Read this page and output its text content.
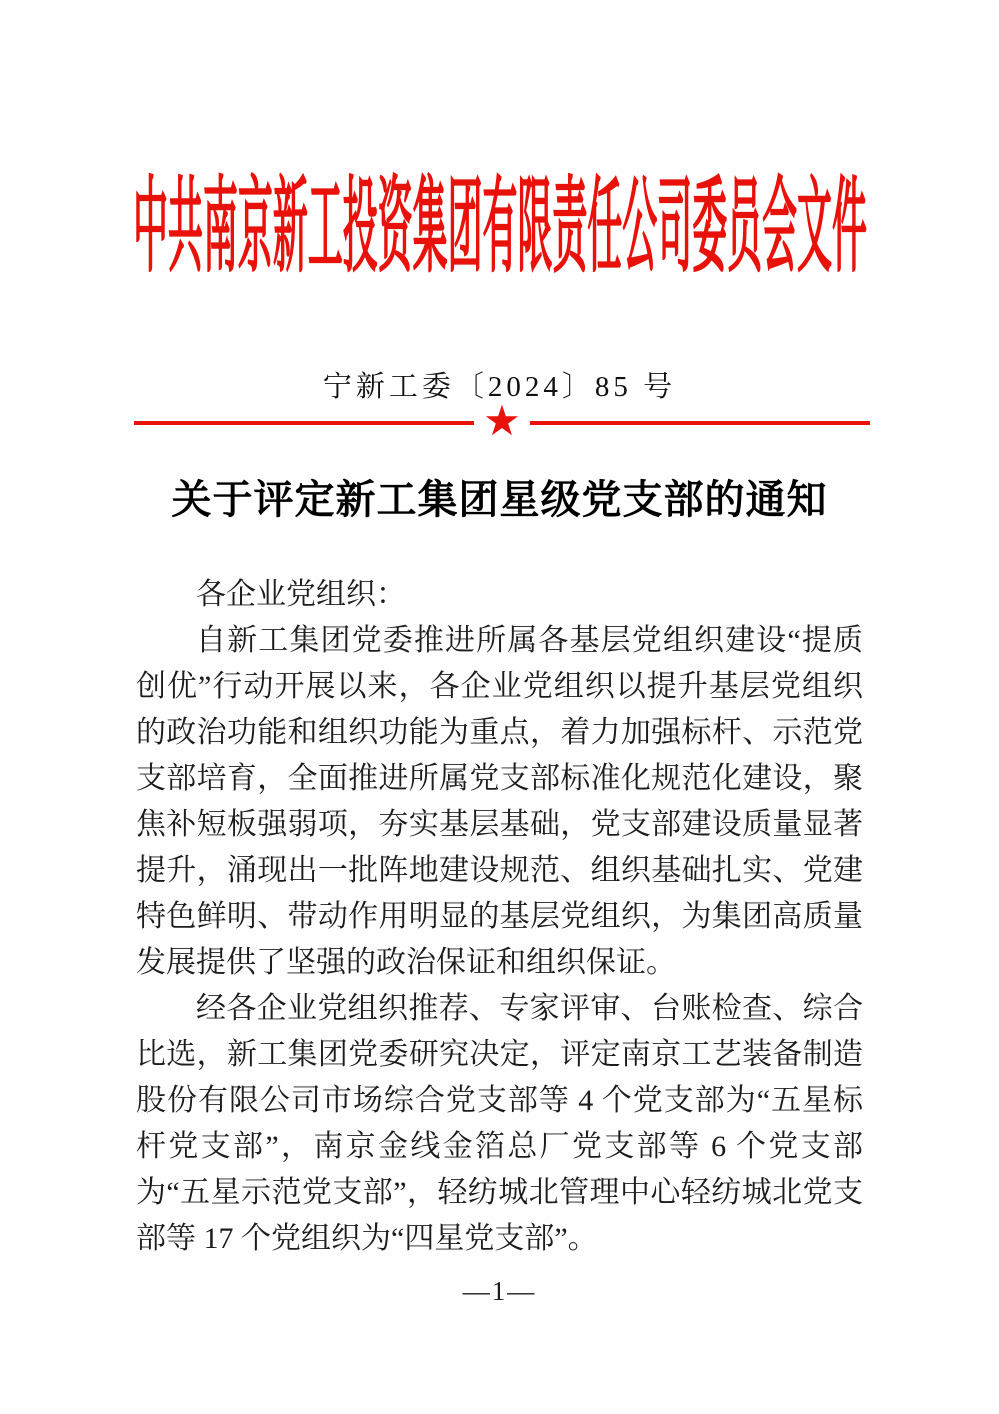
中共南京新工投资集团有限责任公司委员会文件
宁新工委〔2024〕85 号
★
关于评定新工集团星级党支部的通知

各企业党组织：

自新工集团党委推进所属各基层党组织建设“提质创优”行动开展以来，各企业党组织以提升基层党组织的政治功能和组织功能为重点，着力加强标杆、示范党支部培育，全面推进所属党支部标准化规范化建设，聚焦补短板强弱项，夯实基层基础，党支部建设质量显著提升，涌现出一批阵地建设规范、组织基础扎实、党建特色鲜明、带动作用明显的基层党组织，为集团高质量发展提供了坚强的政治保证和组织保证。

经各企业党组织推荐、专家评审、台账检查、综合比选，新工集团党委研究决定，评定南京工艺装备制造股份有限公司市场综合党支部等 4 个党支部为“五星标杆党支部”，南京金线金箔总厂党支部等 6 个党支部为“五星示范党支部”，轻纺城北管理中心轻纺城北党支部等 17 个党组织为“四星党支部”。

—1—
